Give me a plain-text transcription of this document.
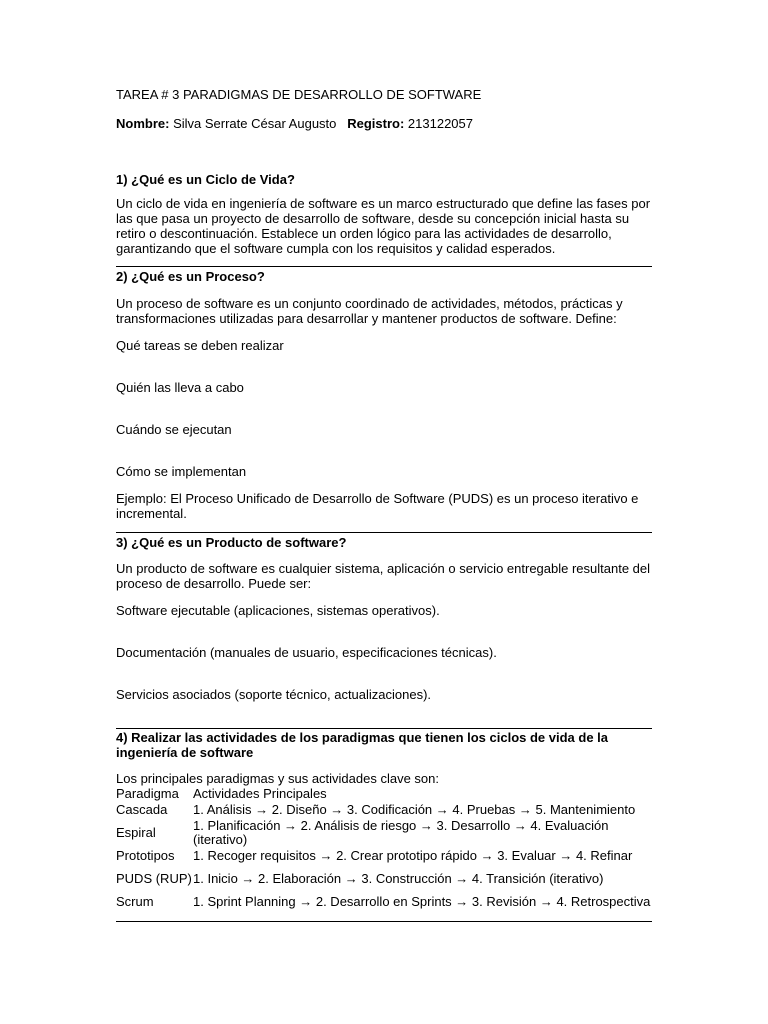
TAREA # 3 PARADIGMAS DE DESARROLLO DE SOFTWARE

Nombre: Silva Serrate César Augusto Registro: 213122057

1) ¿Qué es un Ciclo de Vida?

Un ciclo de vida en ingeniería de software es un marco estructurado que define las fases por las que pasa un proyecto de desarrollo de software, desde su concepción inicial hasta su retiro o descontinuación. Establece un orden lógico para las actividades de desarrollo, garantizando que el software cumpla con los requisitos y calidad esperados.

2) ¿Qué es un Proceso?

Un proceso de software es un conjunto coordinado de actividades, métodos, prácticas y transformaciones utilizadas para desarrollar y mantener productos de software. Define:

Qué tareas se deben realizar

Quién las lleva a cabo

Cuándo se ejecutan

Cómo se implementan

Ejemplo: El Proceso Unificado de Desarrollo de Software (PUDS) es un proceso iterativo e incremental.

3) ¿Qué es un Producto de software?

Un producto de software es cualquier sistema, aplicación o servicio entregable resultante del proceso de desarrollo. Puede ser:

Software ejecutable (aplicaciones, sistemas operativos).

Documentación (manuales de usuario, especificaciones técnicas).

Servicios asociados (soporte técnico, actualizaciones).

4) Realizar las actividades de los paradigmas que tienen los ciclos de vida de la ingeniería de software

Los principales paradigmas y sus actividades clave son:

Paradigma	Actividades Principales
Cascada	1. Análisis → 2. Diseño → 3. Codificación → 4. Pruebas → 5. Mantenimiento
Espiral	1. Planificación → 2. Análisis de riesgo → 3. Desarrollo → 4. Evaluación (iterativo)
Prototipos	1. Recoger requisitos → 2. Crear prototipo rápido → 3. Evaluar → 4. Refinar
PUDS (RUP)	1. Inicio → 2. Elaboración → 3. Construcción → 4. Transición (iterativo)
Scrum	1. Sprint Planning → 2. Desarrollo en Sprints → 3. Revisión → 4. Retrospectiva
